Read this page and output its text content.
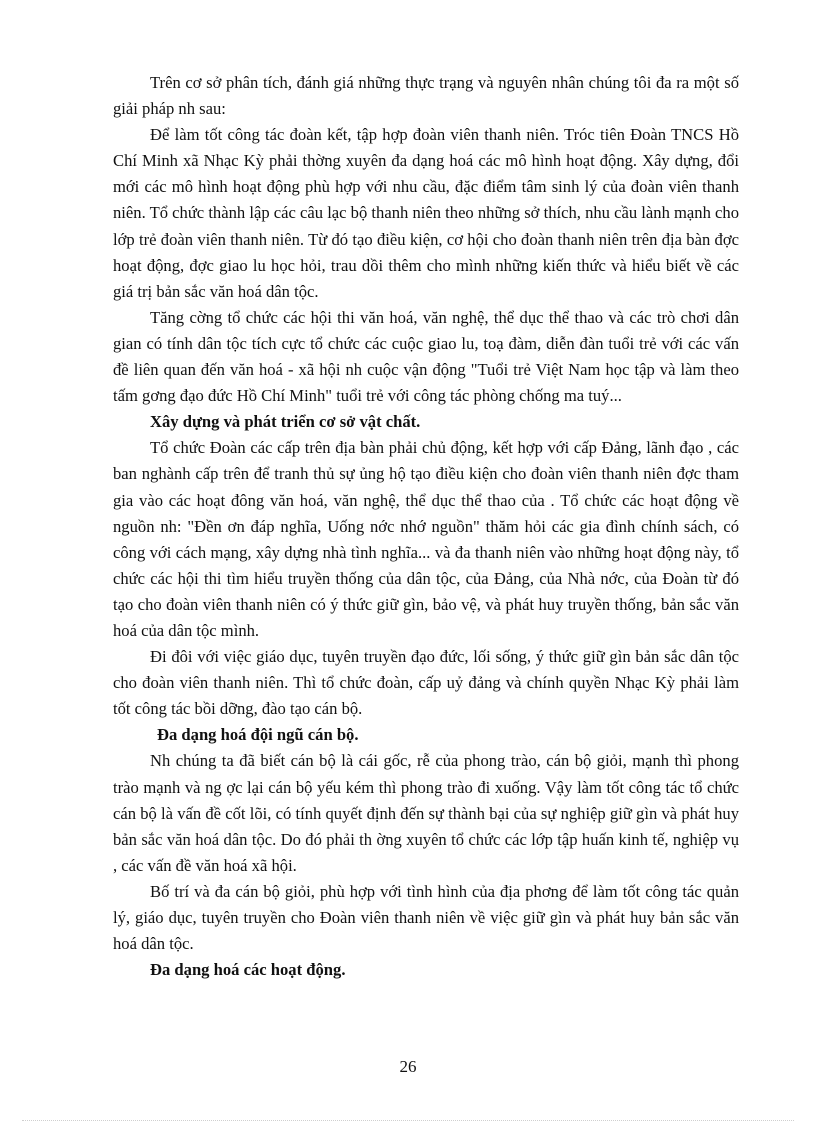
Trên cơ sở phân tích, đánh giá những thực trạng và nguyên nhân chúng tôi đa ra một số giải pháp nh sau:

Để làm tốt công tác đoàn kết, tập hợp đoàn viên thanh niên. Tróc tiên Đoàn TNCS Hồ Chí Minh xã Nhạc Kỳ phải thờng xuyên đa dạng hoá các mô hình hoạt động. Xây dựng, đổi mới các mô hình hoạt động phù hợp với nhu cầu, đặc điểm tâm sinh lý của đoàn viên thanh niên. Tổ chức thành lập các câu lạc bộ thanh niên theo những sở thích, nhu cầu lành mạnh cho lớp trẻ đoàn viên thanh niên. Từ đó tạo điều kiện, cơ hội cho đoàn thanh niên trên địa bàn đợc hoạt động, đợc giao lu học hỏi, trau dồi thêm cho mình những kiến thức và hiểu biết về các giá trị bản sắc văn hoá dân tộc.

Tăng cờng tổ chức các hội thi văn hoá, văn nghệ, thể dục thể thao và các trò chơi dân gian có tính dân tộc tích cực tổ chức các cuộc giao lu, toạ đàm, diễn đàn tuổi trẻ với các vấn đề liên quan đến văn hoá - xã hội nh cuộc vận động "Tuổi trẻ Việt Nam học tập và làm theo tấm gơng đạo đức Hồ Chí Minh" tuổi trẻ với công tác phòng chống ma tuý...

Xây dựng và phát triển cơ sở vật chất.

Tổ chức Đoàn các cấp trên địa bàn phải chủ động, kết hợp với cấp Đảng, lãnh đạo , các ban nghành cấp trên để tranh thủ sự ủng hộ tạo điều kiện cho đoàn viên thanh niên đợc tham gia vào các hoạt đông văn hoá, văn nghệ, thể dục thể thao của . Tổ chức các hoạt động về nguồn nh: "Đền ơn đáp nghĩa, Uống nớc nhớ nguồn" thăm hỏi các gia đình chính sách, có công với cách mạng, xây dựng nhà tình nghĩa... và đa thanh niên vào những hoạt động này, tổ chức các hội thi tìm hiểu truyền thống của dân tộc, của Đảng, của Nhà nớc, của Đoàn từ đó tạo cho đoàn viên thanh niên có ý thức giữ gìn, bảo vệ, và phát huy truyền thống, bản sắc văn hoá của dân tộc mình.

Đi đôi với việc giáo dục, tuyên truyền đạo đức, lối sống, ý thức giữ gìn bản sắc dân tộc cho đoàn viên thanh niên. Thì tổ chức đoàn, cấp uỷ đảng và chính quyền Nhạc Kỳ phải làm tốt công tác bồi dỡng, đào tạo cán bộ.

Đa dạng hoá đội ngũ cán bộ.

Nh chúng ta đã biết cán bộ là cái gốc, rễ của phong trào, cán bộ giỏi, mạnh thì phong trào mạnh và ng ợc lại cán bộ yếu kém thì phong trào đi xuống. Vậy làm tốt công tác tổ chức cán bộ là vấn đề cốt lõi, có tính quyết định đến sự thành bại của sự nghiệp giữ gìn và phát huy bản sắc văn hoá dân tộc. Do đó phải th ờng xuyên tổ chức các lớp tập huấn kinh tế, nghiệp vụ , các vấn đề văn hoá xã hội.

Bố trí và đa cán bộ giỏi, phù hợp với tình hình của địa phơng để làm tốt công tác quản lý, giáo dục, tuyên truyền cho Đoàn viên thanh niên về việc giữ gìn và phát huy bản sắc văn hoá dân tộc.

Đa dạng hoá các hoạt động.

26
